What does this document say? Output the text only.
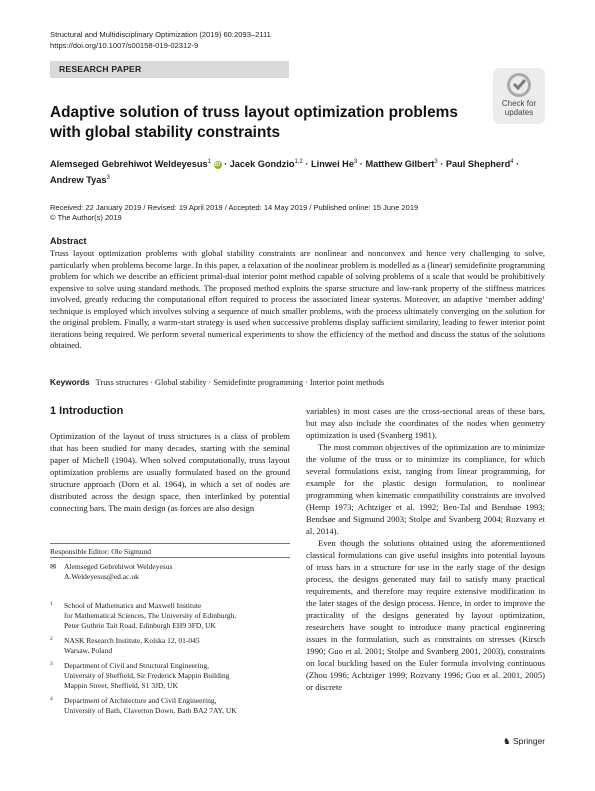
Structural and Multidisciplinary Optimization (2019) 60:2093–2111
https://doi.org/10.1007/s00158-019-02312-9
RESEARCH PAPER
Check for updates
Adaptive solution of truss layout optimization problems with global stability constraints
Alemseged Gebrehiwot Weldeyesus$^1$ iD · Jacek Gondzio$^{1,2}$ · Linwei $He^3$ · Matthew Gilbert$^3$ · Paul Shepherd$^4$ ·
Andrew Tyas$^3$
Received: 22 January 2019 / Revised: 19 April 2019 / Accepted: 14 May 2019 / Published online: 15 June 2019
© The Author(s) 2019
Abstract
Truss layout optimization problems with global stability constraints are nonlinear and nonconvex and hence very challenging to solve, particularly when problems become large. In this paper, a relaxation of the nonlinear problem is modelled as a (linear) semidefinite programming problem for which we describe an efficient primal-dual interior point method capable of solving problems of a scale that would be prohibitively expensive to solve using standard methods. The proposed method exploits the sparse structure and low-rank property of the stiffness matrices involved, greatly reducing the computational effort required to process the associated linear systems. Moreover, an adaptive ‘member adding’ technique is employed which involves solving a sequence of much smaller problems, with the process ultimately converging on the solution for the original problem. Finally, a warm-start strategy is used when successive problems display sufficient similarity, leading to fewer interior point iterations being required. We perform several numerical experiments to show the efficiency of the method and discuss the status of the solutions obtained.
Keywords Truss structures · Global stability · Semidefinite programming · Interior point methods
1 Introduction
Optimization of the layout of truss structures is a class of problem that has been studied for many decades, starting with the seminal paper of Michell (1904). When solved computationally, truss layout optimization problems are usually formulated based on the ground structure approach (Dorn et al. 1964), in which a set of nodes are distributed across the design space, then interlinked by potential connecting bars. The main design (as forces are also design

variables) in most cases are the cross-sectional areas of these bars, but may also include the coordinates of the nodes when geometry optimization is used (Svanberg 1981).

The most common objectives of the optimization are to minimize the volume of the truss or to minimize its compliance, for which several formulations exist, ranging from linear programming, for example for the plastic design formulation, to nonlinear programming when kinematic compatibility constraints are involved (Hemp 1973; Achtziger et al. 1992; Ben-Tal and Bendsøe 1993; Bendsøe and Sigmund 2003; Stolpe and Svanberg 2004; Rozvany et al. 2014).

Even though the solutions obtained using the aforementioned classical formulations can give useful insights into potential layouts of truss bars in a structure for use in the early stage of the design process, the designs generated may fail to satisfy many practical requirements, and therefore may require extensive modification in the later stages of the design process. Hence, in order to improve the practicality of the designs generated by layout optimization, researchers have sought to introduce many practical engineering issues in the formulation, such as constraints on stresses (Kirsch 1990; Guo et al. 2001; Stolpe and Svanberg 2001, 2003), constraints on local buckling based on the Euler formula involving continuous (Zhou 1996; Achtziger 1999; Rozvany 1996; Guo et al. 2001, 2005) or discrete

Responsible Editor: Ole Sigmund
✉ Alemseged Gebrehiwot Weldeyesus
A.Weldeyesus@ed.ac.uk
1 School of Mathematics and Maxwell Institute
for Mathematical Sciences, The University of Edinburgh,
Peter Guthrie Tait Road, Edinburgh EH9 3FD, UK
2 NASK Research Institute, Kolska 12, 01-045
Warsaw, Poland
3 Department of Civil and Structural Engineering,
University of Sheffield, Sir Frederick Mappin Building
Mappin Street, Sheffield, S1 3JD, UK
4 Department of Architecture and Civil Engineering,
University of Bath, Claverton Down, Bath BA2 7AY, UK
♞ Springer
